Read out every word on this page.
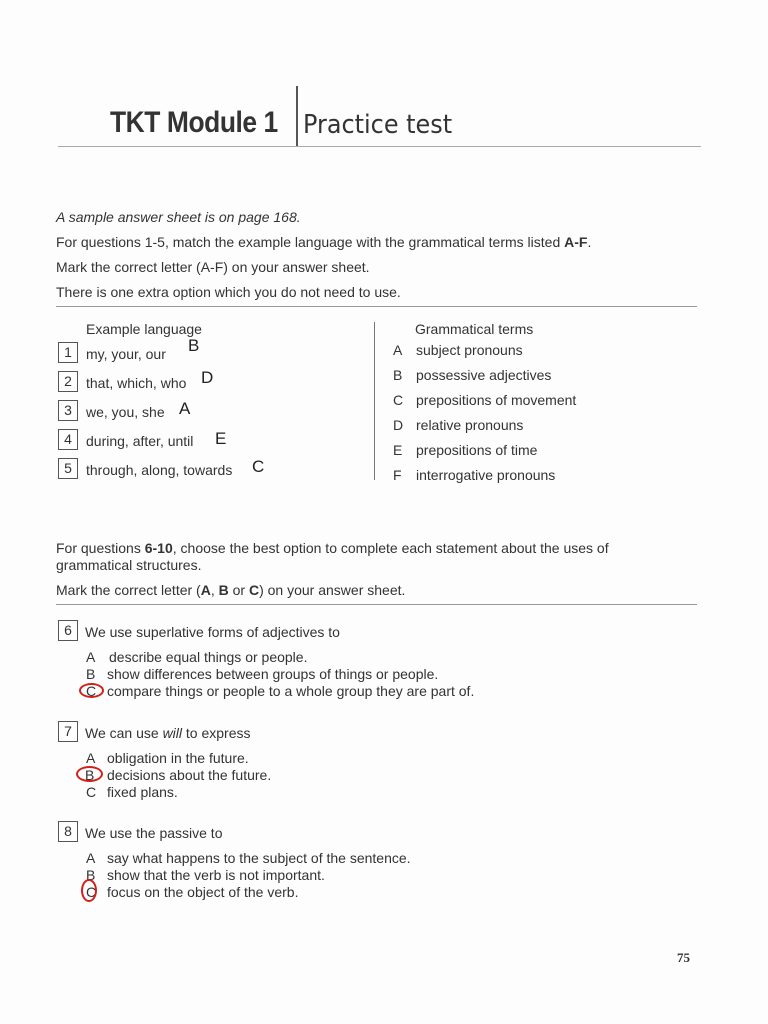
TKT Module 1 Practice test
A sample answer sheet is on page 168.
For questions 1-5, match the example language with the grammatical terms listed A-F.
Mark the correct letter (A-F) on your answer sheet.
There is one extra option which you do not need to use.
Example language	Grammatical terms
1	my, your, our B
2	that, which, who D
3	we, you, she A
4	during, after, until E
5	through, along, towards C
A subject pronouns
B possessive adjectives
C prepositions of movement
D relative pronouns
E prepositions of time
F interrogative pronouns
For questions 6-10, choose the best option to complete each statement about the uses of
grammatical structures.
Mark the correct letter (A, B or C) on your answer sheet.
6 We use superlative forms of adjectives to
A describe equal things or people.
B show differences between groups of things or people.
C compare things or people to a whole group they are part of.
7 We can use will to express
A obligation in the future.
B decisions about the future.
C fixed plans.
8 We use the passive to
A say what happens to the subject of the sentence.
B show that the verb is not important.
C focus on the object of the verb.
75
